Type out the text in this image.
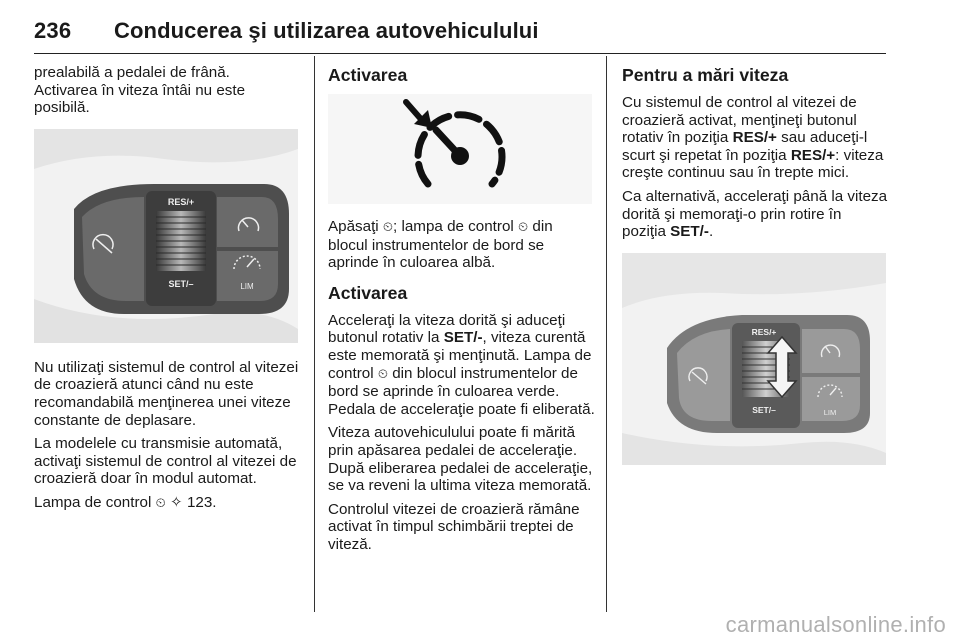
236 Conducerea şi utilizarea autovehiculului
prealabilă a pedalei de frână.
Activarea în viteza întâi nu este
posibilă.
RES/+
SET/–	LIM
Nu utilizaţi sistemul de control al vitezei de croazieră atunci când nu este recomandabilă menţinerea unei viteze constante de deplasare.
La modelele cu transmisie automată, activaţi sistemul de control al vitezei de croazieră doar în modul automat.
Lampa de control ⏲ ✧ 123.
Activarea
Apăsaţi ⏲; lampa de control ⏲ din blocul instrumentelor de bord se aprinde în culoarea albă.
Activarea
Acceleraţi la viteza dorită şi aduceţi butonul rotativ la SET/-, viteza curentă este memorată şi menţinută. Lampa de control ⏲ din blocul instrumentelor de bord se aprinde în culoarea verde. Pedala de acceleraţie poate fi eliberată.
Viteza autovehiculului poate fi mărită prin apăsarea pedalei de acceleraţie. După eliberarea pedalei de acceleraţie, se va reveni la ultima viteza memorată.
Controlul vitezei de croazieră rămâne activat în timpul schimbării treptei de viteză.
Pentru a mări viteza
Cu sistemul de control al vitezei de croazieră activat, menţineţi butonul rotativ în poziţia RES/+ sau aduceţi-l scurt şi repetat în poziţia RES/+: viteza creşte continuu sau în trepte mici.
Ca alternativă, acceleraţi până la viteza dorită şi memoraţi-o prin rotire în poziţia SET/-.
RES/+
SET/–	LIM
carmanualsonline.info
